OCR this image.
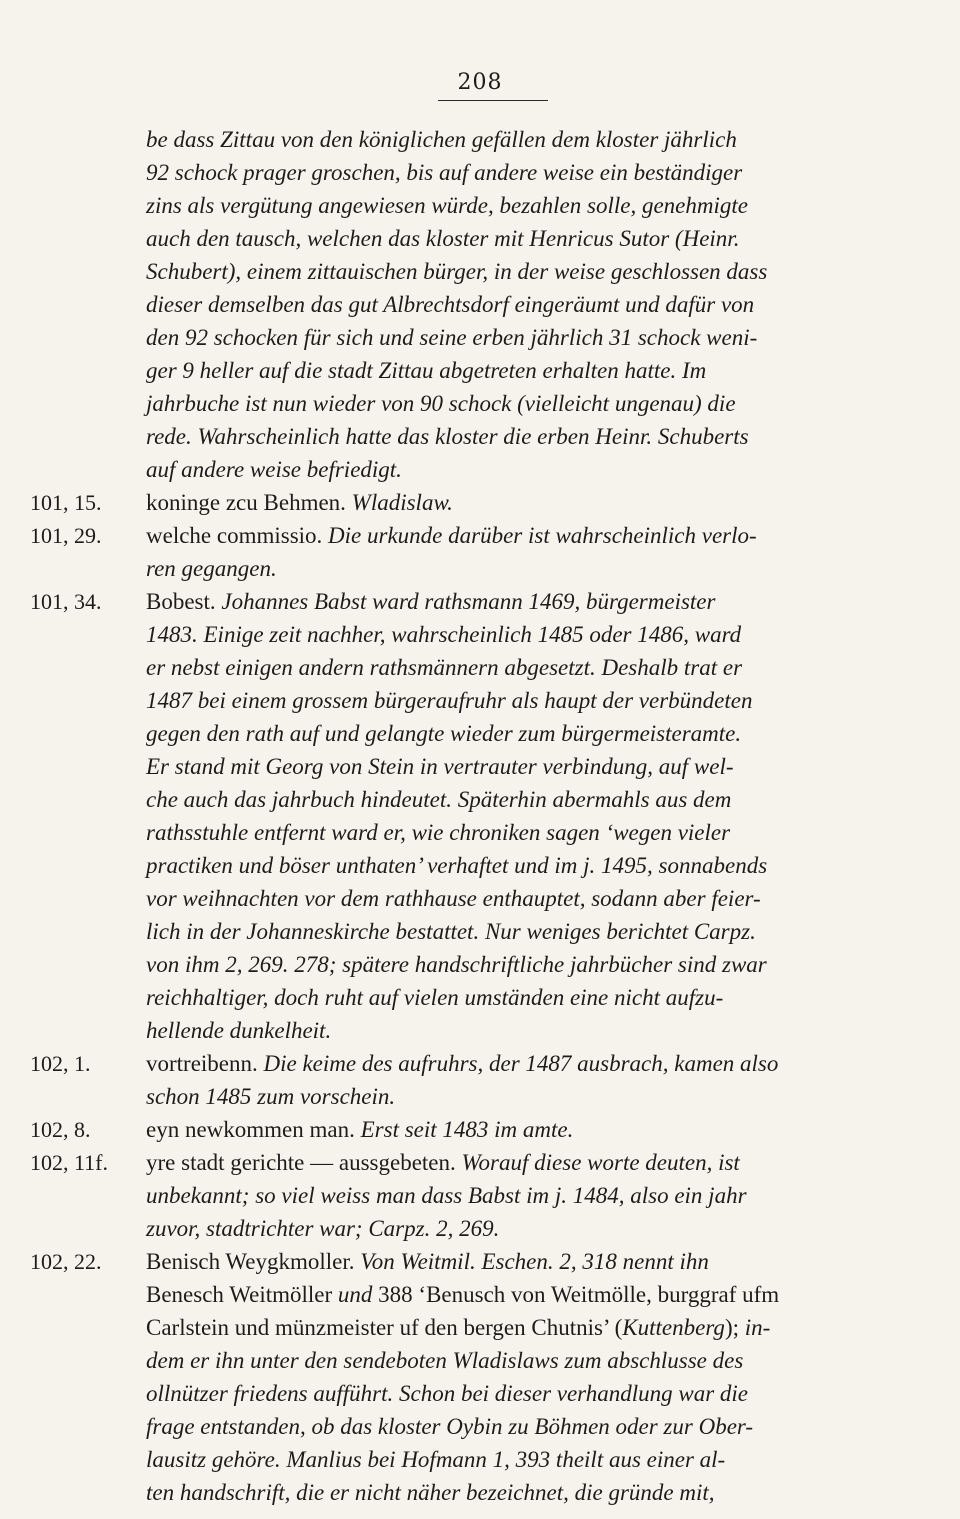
208
be dass Zittau von den königlichen gefällen dem kloster jährlich
92 schock prager groschen, bis auf andere weise ein beständiger
zins als vergütung angewiesen würde, bezahlen solle, genehmigte
auch den tausch, welchen das kloster mit Henricus Sutor (Heinr.
Schubert), einem zittauischen bürger, in der weise geschlossen dass
dieser demselben das gut Albrechtsdorf eingeräumt und dafür von
den 92 schocken für sich und seine erben jährlich 31 schock weni-
ger 9 heller auf die stadt Zittau abgetreten erhalten hatte. Im
jahrbuche ist nun wieder von 90 schock (vielleicht ungenau) die
rede. Wahrscheinlich hatte das kloster die erben Heinr. Schuberts
auf andere weise befriedigt.
101, 15.	koninge zcu Behmen. Wladislaw.
101, 29.	welche commissio. Die urkunde darüber ist wahrscheinlich verlo-
ren gegangen.
101, 34.	Bobest. Johannes Babst ward rathsmann 1469, bürgermeister
1483. Einige zeit nachher, wahrscheinlich 1485 oder 1486, ward
er nebst einigen andern rathsmännern abgesetzt. Deshalb trat er
1487 bei einem grossem bürgeraufruhr als haupt der verbündeten
gegen den rath auf und gelangte wieder zum bürgermeisteramte.
Er stand mit Georg von Stein in vertrauter verbindung, auf wel-
che auch das jahrbuch hindeutet. Späterhin abermahls aus dem
rathsstuhle entfernt ward er, wie chroniken sagen ‘wegen vieler
practiken und böser unthaten’ verhaftet und im j. 1495, sonnabends
vor weihnachten vor dem rathhause enthauptet, sodann aber feier-
lich in der Johanneskirche bestattet. Nur weniges berichtet Carpz.
von ihm 2, 269. 278; spätere handschriftliche jahrbücher sind zwar
reichhaltiger, doch ruht auf vielen umständen eine nicht aufzu-
hellende dunkelheit.
102, 1.	vortreibenn. Die keime des aufruhrs, der 1487 ausbrach, kamen also
schon 1485 zum vorschein.
102, 8.	eyn newkommen man. Erst seit 1483 im amte.
102, 11f.	yre stadt gerichte — aussgebeten. Worauf diese worte deuten, ist
unbekannt; so viel weiss man dass Babst im j. 1484, also ein jahr
zuvor, stadtrichter war; Carpz. 2, 269.
102, 22.	Benisch Weygkmoller. Von Weitmil. Eschen. 2, 318 nennt ihn
Benesch Weitmöller und 388 ‘Benusch von Weitmölle, burggraf ufm
Carlstein und münzmeister uf den bergen Chutnis’ (Kuttenberg); in-
dem er ihn unter den sendeboten Wladislaws zum abschlusse des
ollnützer friedens aufführt. Schon bei dieser verhandlung war die
frage entstanden, ob das kloster Oybin zu Böhmen oder zur Ober-
lausitz gehöre. Manlius bei Hofmann 1, 393 theilt aus einer al-
ten handschrift, die er nicht näher bezeichnet, die gründe mit,
